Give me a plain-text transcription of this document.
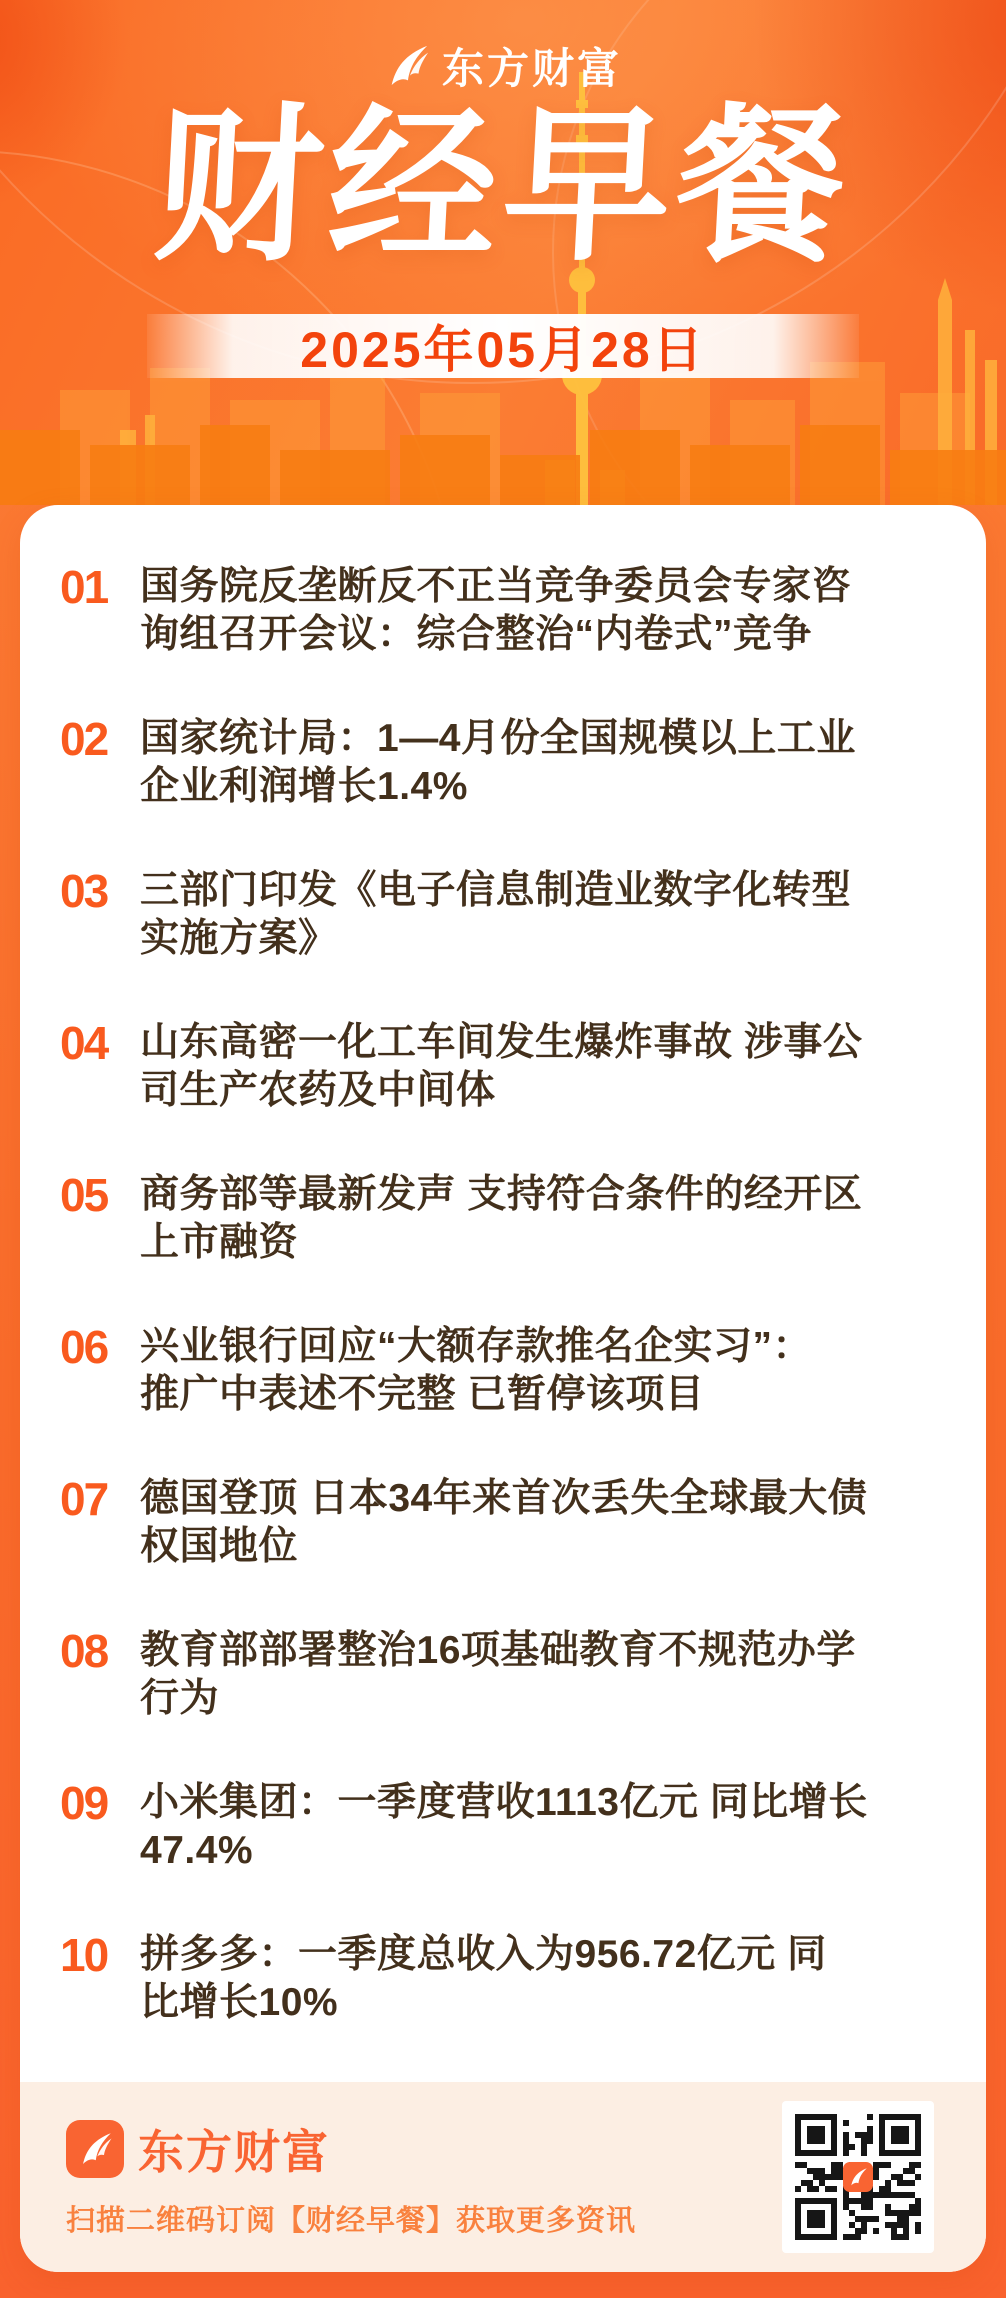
东方财富
财经早餐
2025年05月28日
01 国务院反垄断反不正当竞争委员会专家咨
询组召开会议：综合整治“内卷式”竞争
02 国家统计局：1—4月份全国规模以上工业
企业利润增长1.4%
03 三部门印发《电子信息制造业数字化转型
实施方案》
04 山东高密一化工车间发生爆炸事故 涉事公
司生产农药及中间体
05 商务部等最新发声 支持符合条件的经开区
上市融资
06 兴业银行回应“大额存款推名企实习”：
推广中表述不完整 已暂停该项目
07 德国登顶 日本34年来首次丢失全球最大债
权国地位
08 教育部部署整治16项基础教育不规范办学
行为
09 小米集团：一季度营收1113亿元 同比增长
47.4%
10 拼多多：一季度总收入为956.72亿元 同
比增长10%
东方财富
扫描二维码订阅【财经早餐】获取更多资讯
